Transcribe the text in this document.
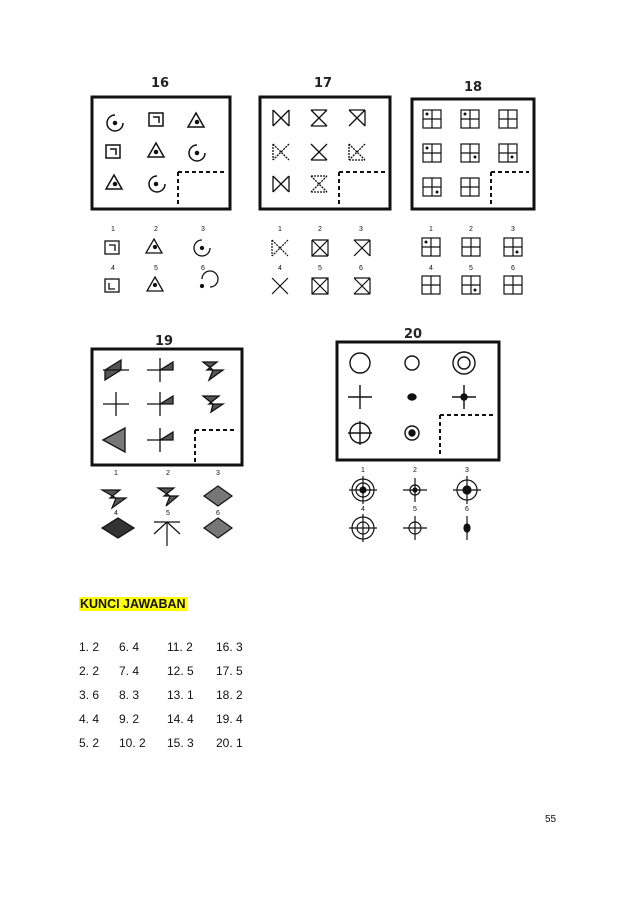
16
1	2	3
4	5	6
17
1	2	3
4	5	6
18
1	2	3
4	5	6
19
1	2	3
4	5	6
20
1	2	3
4	5	6
KUNCI JAWABAN
1. 2 6. 4 11. 2 16. 3
2. 2 7. 4 12. 5 17. 5
3. 6 8. 3 13. 1 18. 2
4. 4 9. 2 14. 4 19. 4
5. 2 10. 2 15. 3 20. 1
55
